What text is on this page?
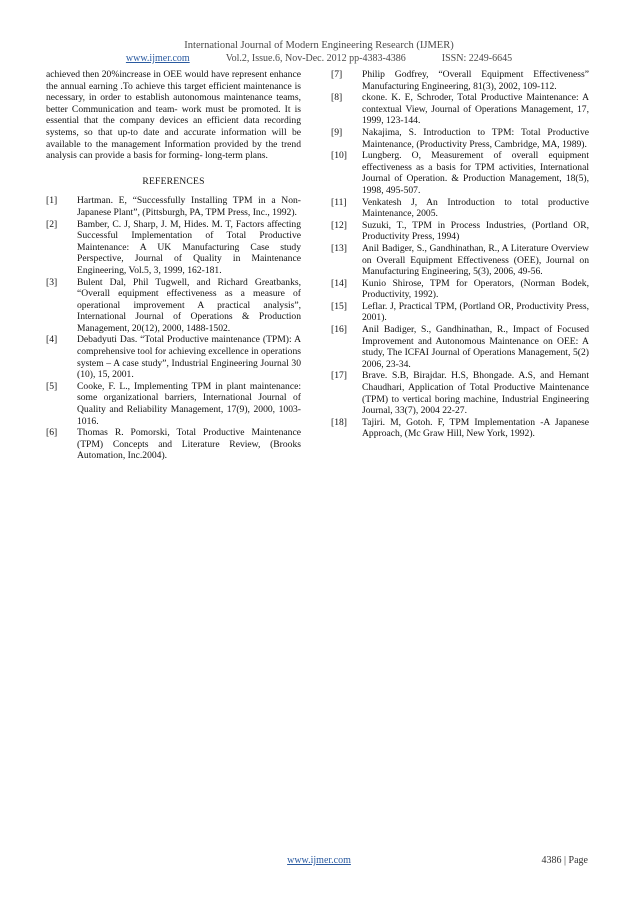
International Journal of Modern Engineering Research (IJMER)
www.ijmer.com	Vol.2, Issue.6, Nov-Dec. 2012 pp-4383-4386	ISSN: 2249-6645

achieved then 20%increase in OEE would have represent enhance the annual earning .To achieve this target efficient maintenance is necessary, in order to establish autonomous maintenance teams, better Communication and team- work must be promoted. It is essential that the company devices an efficient data recording systems, so that up-to date and accurate information will be available to the management Information provided by the trend analysis can provide a basis for forming- long-term plans.

REFERENCES
[1]	Hartman. E, “Successfully Installing TPM in a Non-Japanese Plant”, (Pittsburgh, PA, TPM Press, Inc., 1992).
[2]	Bamber, C. J, Sharp, J. M, Hides. M. T, Factors affecting Successful Implementation of Total Productive Maintenance: A UK Manufacturing Case study Perspective, Journal of Quality in Maintenance Engineering, Vol.5, 3, 1999, 162-181.
[3]	Bulent Dal, Phil Tugwell, and Richard Greatbanks, “Overall equipment effectiveness as a measure of operational improvement A practical analysis”, International Journal of Operations & Production Management, 20(12), 2000, 1488-1502.
[4]	Debadyuti Das. “Total Productive maintenance (TPM): A comprehensive tool for achieving excellence in operations system – A case study”, Industrial Engineering Journal 30 (10), 15, 2001.
[5]	Cooke, F. L., Implementing TPM in plant maintenance: some organizational barriers, International Journal of Quality and Reliability Management, 17(9), 2000, 1003-1016.
[6]	Thomas R. Pomorski, Total Productive Maintenance (TPM) Concepts and Literature Review, (Brooks Automation, Inc.2004).
[7]	Philip Godfrey, “Overall Equipment Effectiveness” Manufacturing Engineering, 81(3), 2002, 109-112.
[8]	ckone. K. E, Schroder, Total Productive Maintenance: A contextual View, Journal of Operations Management, 17, 1999, 123-144.
[9]	Nakajima, S. Introduction to TPM: Total Productive Maintenance, (Productivity Press, Cambridge, MA, 1989).
[10]	Lungberg. O, Measurement of overall equipment effectiveness as a basis for TPM activities, International Journal of Operation. & Production Management, 18(5), 1998, 495-507.
[11]	Venkatesh J, An Introduction to total productive Maintenance, 2005.
[12]	Suzuki, T., TPM in Process Industries, (Portland OR, Productivity Press, 1994)
[13]	Anil Badiger, S., Gandhinathan, R., A Literature Overview on Overall Equipment Effectiveness (OEE), Journal on Manufacturing Engineering, 5(3), 2006, 49-56.
[14]	Kunio Shirose, TPM for Operators, (Norman Bodek, Productivity, 1992).
[15]	Leflar. J, Practical TPM, (Portland OR, Productivity Press, 2001).
[16]	Anil Badiger, S., Gandhinathan, R., Impact of Focused Improvement and Autonomous Maintenance on OEE: A study, The ICFAI Journal of Operations Management, 5(2) 2006, 23-34.
[17]	Brave. S.B, Birajdar. H.S, Bhongade. A.S, and Hemant Chaudhari, Application of Total Productive Maintenance (TPM) to vertical boring machine, Industrial Engineering Journal, 33(7), 2004 22-27.
[18]	Tajiri. M, Gotoh. F, TPM Implementation -A Japanese Approach, (Mc Graw Hill, New York, 1992).
www.ijmer.com	4386 | Page
